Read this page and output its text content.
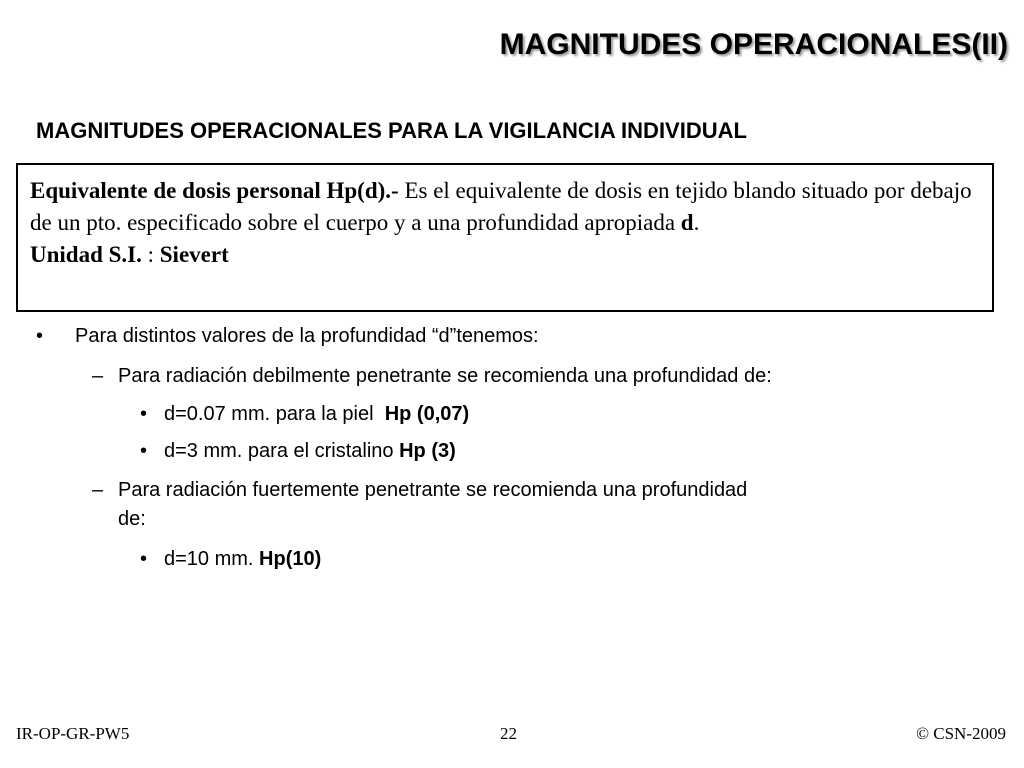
MAGNITUDES OPERACIONALES(II)
MAGNITUDES OPERACIONALES PARA LA VIGILANCIA INDIVIDUAL
Equivalente de dosis personal Hp(d).- Es el equivalente de dosis en tejido blando situado por debajo de un pto. especificado sobre el cuerpo y a una profundidad apropiada d.
Unidad S.I. : Sievert
• Para distintos valores de la profundidad “d”tenemos:
– Para radiación debilmente penetrante se recomienda una profundidad de:
• d=0.07 mm. para la piel  Hp (0,07)
• d=3 mm. para el cristalino Hp (3)
– Para radiación fuertemente penetrante se recomienda una profundidad
de:
• d=10 mm. Hp(10)
IR-OP-GR-PW5	22	© CSN-2009
